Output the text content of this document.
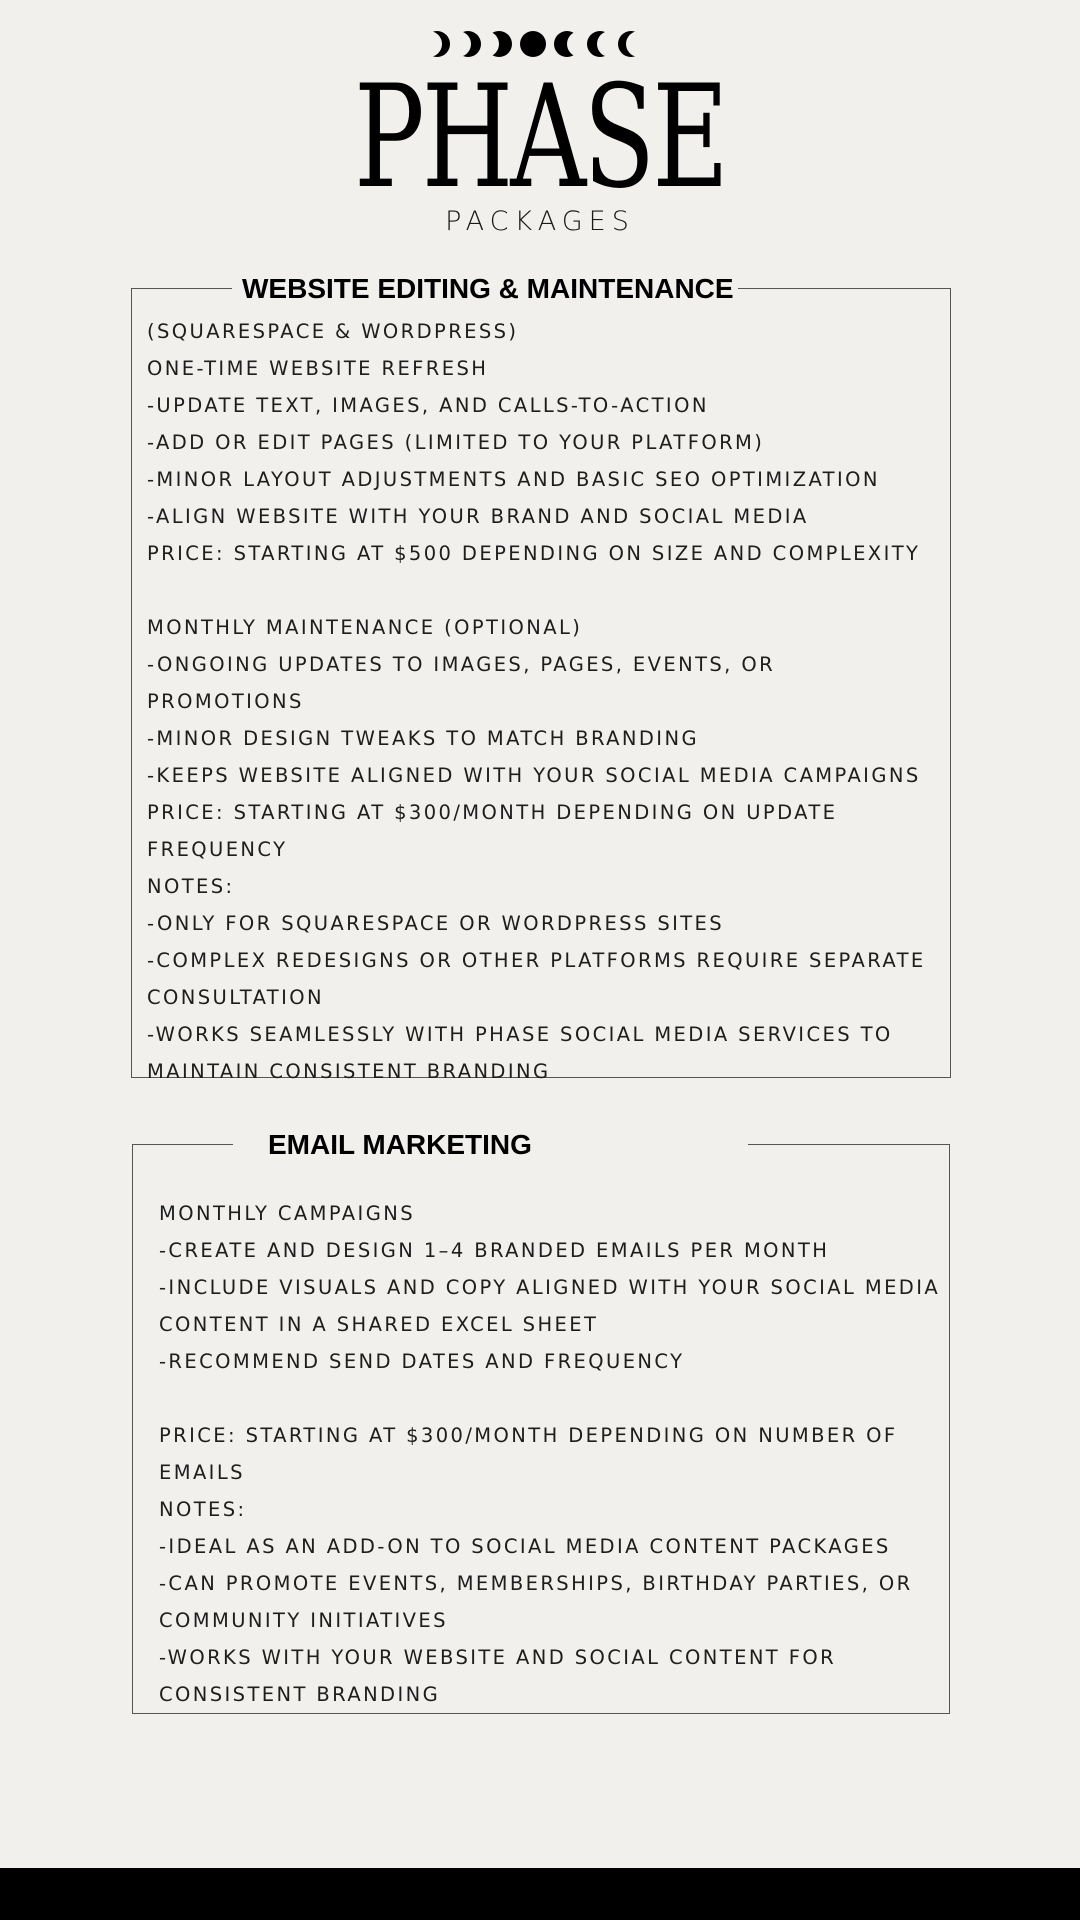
PHASE
PACKAGES
WEBSITE EDITING & MAINTENANCE
(SQUARESPACE & WORDPRESS)
ONE-TIME WEBSITE REFRESH
-UPDATE TEXT, IMAGES, AND CALLS-TO-ACTION
-ADD OR EDIT PAGES (LIMITED TO YOUR PLATFORM)
-MINOR LAYOUT ADJUSTMENTS AND BASIC SEO OPTIMIZATION
-ALIGN WEBSITE WITH YOUR BRAND AND SOCIAL MEDIA
PRICE: STARTING AT $500 DEPENDING ON SIZE AND COMPLEXITY
MONTHLY MAINTENANCE (OPTIONAL)
-ONGOING UPDATES TO IMAGES, PAGES, EVENTS, OR
PROMOTIONS
-MINOR DESIGN TWEAKS TO MATCH BRANDING
-KEEPS WEBSITE ALIGNED WITH YOUR SOCIAL MEDIA CAMPAIGNS
PRICE: STARTING AT $300/MONTH DEPENDING ON UPDATE
FREQUENCY
NOTES:
-ONLY FOR SQUARESPACE OR WORDPRESS SITES
-COMPLEX REDESIGNS OR OTHER PLATFORMS REQUIRE SEPARATE
CONSULTATION
-WORKS SEAMLESSLY WITH PHASE SOCIAL MEDIA SERVICES TO
MAINTAIN CONSISTENT BRANDING
EMAIL MARKETING
MONTHLY CAMPAIGNS
-CREATE AND DESIGN 1–4 BRANDED EMAILS PER MONTH
-INCLUDE VISUALS AND COPY ALIGNED WITH YOUR SOCIAL MEDIA
CONTENT IN A SHARED EXCEL SHEET
-RECOMMEND SEND DATES AND FREQUENCY
PRICE: STARTING AT $300/MONTH DEPENDING ON NUMBER OF
EMAILS
NOTES:
-IDEAL AS AN ADD-ON TO SOCIAL MEDIA CONTENT PACKAGES
-CAN PROMOTE EVENTS, MEMBERSHIPS, BIRTHDAY PARTIES, OR
COMMUNITY INITIATIVES
-WORKS WITH YOUR WEBSITE AND SOCIAL CONTENT FOR
CONSISTENT BRANDING
